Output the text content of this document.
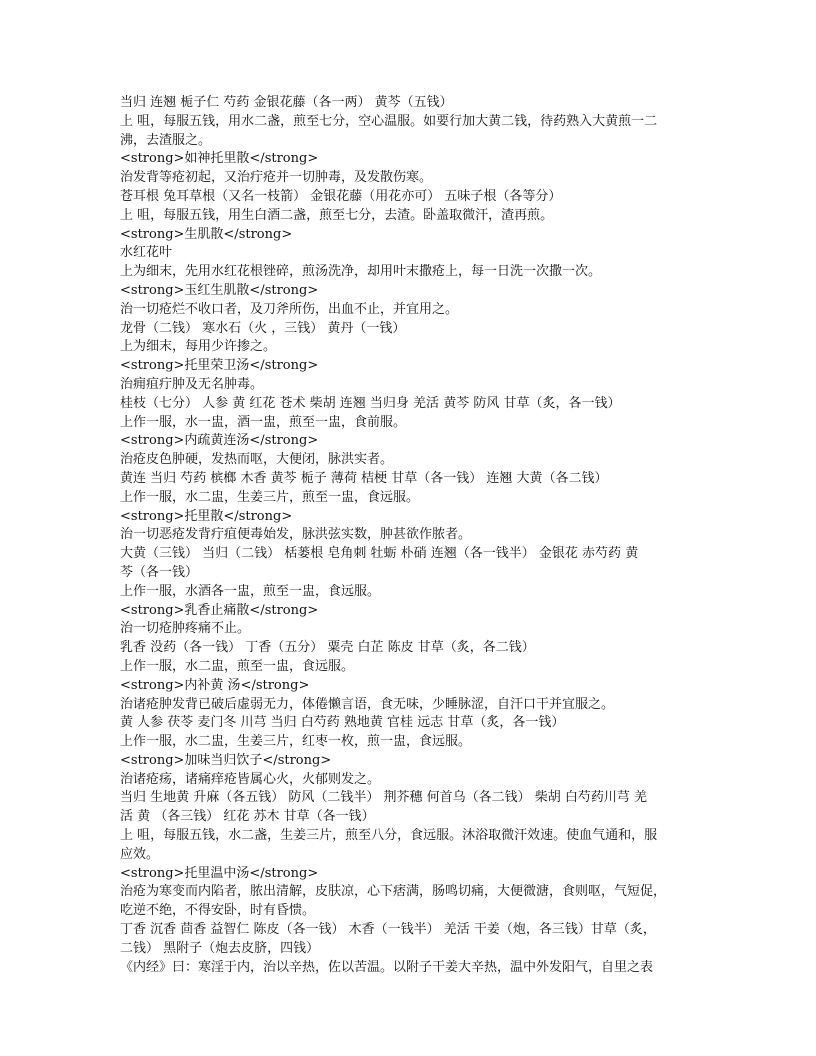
当归 连翘 栀子仁 芍药 金银花藤（各一两） 黄芩（五钱）
上 咀，每服五钱，用水二盏，煎至七分，空心温服。如要行加大黄二钱，待药熟入大黄煎一二
沸，去渣服之。
<strong>如神托里散</strong>
治发背等疮初起，又治疔疮并一切肿毒，及发散伤寒。
苍耳根 兔耳草根（又名一枝箭） 金银花藤（用花亦可） 五味子根（各等分）
上 咀，每服五钱，用生白酒二盏，煎至七分，去渣。卧盖取微汗，渣再煎。
<strong>生肌散</strong>
水红花叶
上为细末，先用水红花根锉碎，煎汤洗净，却用叶末撒疮上，每一日洗一次撒一次。
<strong>玉红生肌散</strong>
治一切疮烂不收口者，及刀斧所伤，出血不止，并宜用之。
龙骨（二钱） 寒水石（火 ，三钱） 黄丹（一钱）
上为细末，每用少许掺之。
<strong>托里荣卫汤</strong>
治痈疽疔肿及无名肿毒。
桂枝（七分） 人参 黄 红花 苍术 柴胡 连翘 当归身 羌活 黄芩 防风 甘草（炙，各一钱）
上作一服，水一盅，酒一盅，煎至一盅，食前服。
<strong>内疏黄连汤</strong>
治疮皮色肿硬，发热而呕，大便闭，脉洪实者。
黄连 当归 芍药 槟榔 木香 黄芩 栀子 薄荷 桔梗 甘草（各一钱） 连翘 大黄（各二钱）
上作一服，水二盅，生姜三片，煎至一盅，食远服。
<strong>托里散</strong>
治一切恶疮发背疔疽便毒始发，脉洪弦实数，肿甚欲作脓者。
大黄（三钱） 当归（二钱） 栝蒌根 皂角刺 牡蛎 朴硝 连翘（各一钱半） 金银花 赤芍药 黄
芩（各一钱）
上作一服，水酒各一盅，煎至一盅，食远服。
<strong>乳香止痛散</strong>
治一切疮肿疼痛不止。
乳香 没药（各一钱） 丁香（五分） 粟壳 白芷 陈皮 甘草（炙，各二钱）
上作一服，水二盅，煎至一盅，食远服。
<strong>内补黄 汤</strong>
治诸疮肿发背已破后虚弱无力，体倦懒言语，食无味，少睡脉涩，自汗口干并宜服之。
黄 人参 茯苓 麦门冬 川芎 当归 白芍药 熟地黄 官桂 远志 甘草（炙，各一钱）
上作一服，水二盅，生姜三片，红枣一枚，煎一盅，食远服。
<strong>加味当归饮子</strong>
治诸疮疡，诸痛痒疮皆属心火，火郁则发之。
当归 生地黄 升麻（各五钱） 防风（二钱半） 荆芥穗 何首乌（各二钱） 柴胡 白芍药川芎 羌
活 黄 （各三钱） 红花 苏木 甘草（各一钱）
上 咀，每服五钱，水二盏，生姜三片，煎至八分，食远服。沐浴取微汗效速。使血气通和，服
应效。
<strong>托里温中汤</strong>
治疮为寒变而内陷者，脓出清解，皮肤凉，心下痞满，肠鸣切痛，大便微溏，食则呕，气短促，
吃逆不绝，不得安卧，时有昏愦。
丁香 沉香 茴香 益智仁 陈皮（各一钱） 木香（一钱半） 羌活 干姜（炮，各三钱）甘草（炙，
二钱） 黑附子（炮去皮脐，四钱）
《内经》曰：寒淫于内，治以辛热，佐以苦温。以附子干姜大辛热，温中外发阳气，自里之表
